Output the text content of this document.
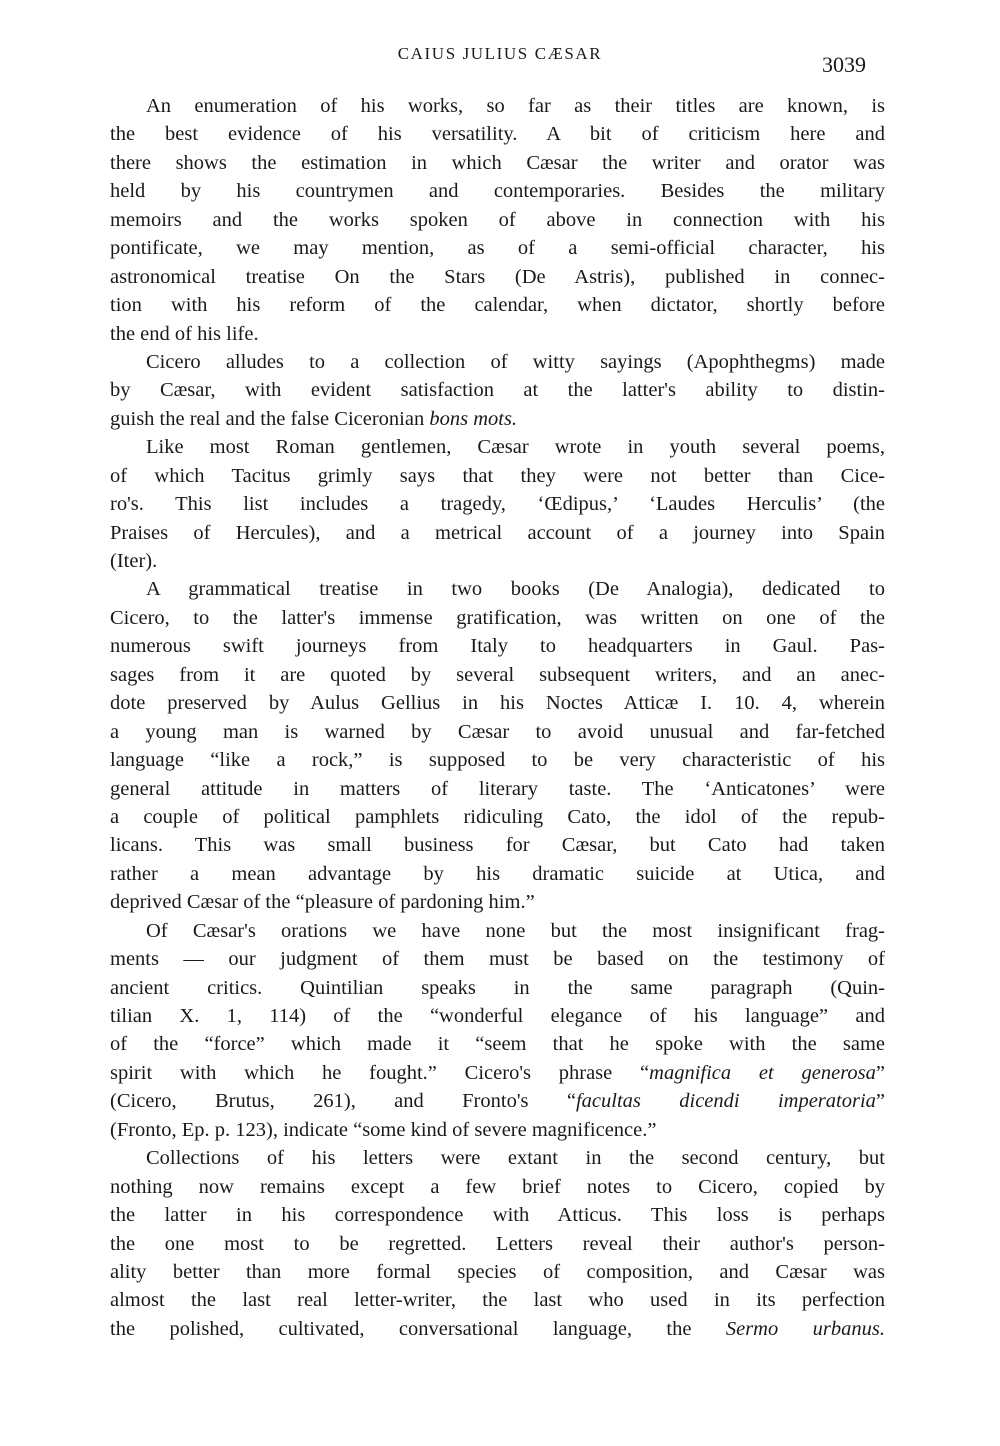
CAIUS JULIUS CÆSAR	3039
An enumeration of his works, so far as their titles are known, is
the best evidence of his versatility. A bit of criticism here and
there shows the estimation in which Cæsar the writer and orator was
held by his countrymen and contemporaries. Besides the military
memoirs and the works spoken of above in connection with his
pontificate, we may mention, as of a semi-official character, his
astronomical treatise On the Stars (De Astris), published in connec-
tion with his reform of the calendar, when dictator, shortly before
the end of his life.
Cicero alludes to a collection of witty sayings (Apophthegms) made
by Cæsar, with evident satisfaction at the latter's ability to distin-
guish the real and the false Ciceronian bons mots.
Like most Roman gentlemen, Cæsar wrote in youth several poems,
of which Tacitus grimly says that they were not better than Cice-
ro's. This list includes a tragedy, ‘Œdipus,’ ‘Laudes Herculis’ (the
Praises of Hercules), and a metrical account of a journey into Spain
(Iter).
A grammatical treatise in two books (De Analogia), dedicated to
Cicero, to the latter's immense gratification, was written on one of the
numerous swift journeys from Italy to headquarters in Gaul. Pas-
sages from it are quoted by several subsequent writers, and an anec-
dote preserved by Aulus Gellius in his Noctes Atticæ I. 10. 4, wherein
a young man is warned by Cæsar to avoid unusual and far-fetched
language “like a rock,” is supposed to be very characteristic of his
general attitude in matters of literary taste. The ‘Anticatones’ were
a couple of political pamphlets ridiculing Cato, the idol of the repub-
licans. This was small business for Cæsar, but Cato had taken
rather a mean advantage by his dramatic suicide at Utica, and
deprived Cæsar of the “pleasure of pardoning him.”
Of Cæsar's orations we have none but the most insignificant frag-
ments — our judgment of them must be based on the testimony of
ancient critics. Quintilian speaks in the same paragraph (Quin-
tilian X. 1, 114) of the “wonderful elegance of his language” and
of the “force” which made it “seem that he spoke with the same
spirit with which he fought.” Cicero's phrase “magnifica et generosa”
(Cicero, Brutus, 261), and Fronto's “facultas dicendi imperatoria”
(Fronto, Ep. p. 123), indicate “some kind of severe magnificence.”
Collections of his letters were extant in the second century, but
nothing now remains except a few brief notes to Cicero, copied by
the latter in his correspondence with Atticus. This loss is perhaps
the one most to be regretted. Letters reveal their author's person-
ality better than more formal species of composition, and Cæsar was
almost the last real letter-writer, the last who used in its perfection
the polished, cultivated, conversational language, the Sermo urbanus.
